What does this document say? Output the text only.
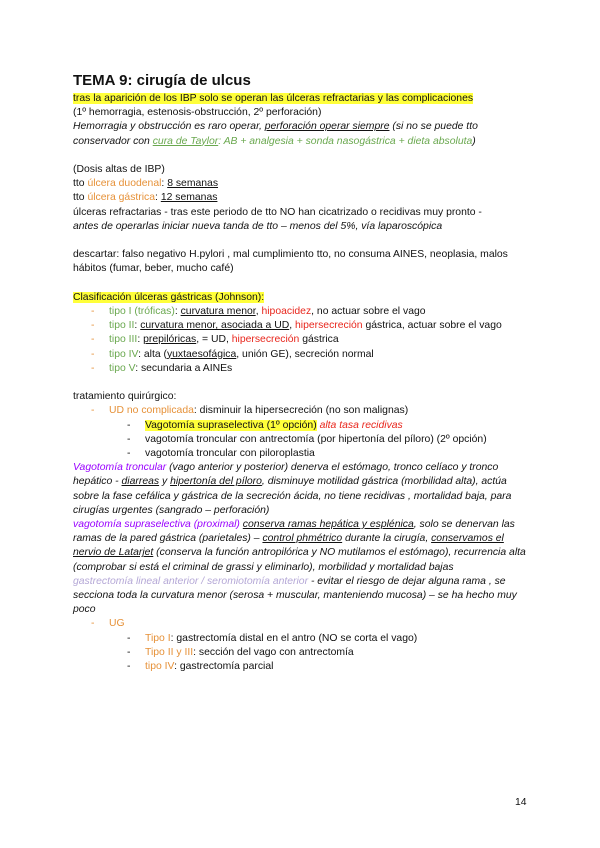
TEMA 9: cirugía de ulcus
tras la aparición de los IBP solo se operan las úlceras refractarias y las complicaciones
(1º hemorragia, estenosis-obstrucción, 2º perforación)
Hemorragia y obstrucción es raro operar, perforación operar siempre (si no se puede tto conservador con cura de Taylor: AB + analgesia + sonda nasogástrica + dieta absoluta)
(Dosis altas de IBP)
tto úlcera duodenal: 8 semanas
tto úlcera gástrica: 12 semanas
úlceras refractarias - tras este periodo de tto NO han cicatrizado o recidivas muy pronto -
antes de operarlas iniciar nueva tanda de tto – menos del 5%, vía laparoscópica
descartar: falso negativo H.pylori , mal cumplimiento tto, no consuma AINES, neoplasia, malos hábitos (fumar, beber, mucho café)
Clasificación úlceras gástricas (Johnson):
- tipo I (tróficas): curvatura menor, hipoacidez, no actuar sobre el vago
- tipo II: curvatura menor, asociada a UD, hipersecreción gástrica, actuar sobre el vago
- tipo III: prepilóricas, = UD, hipersecreción gástrica
- tipo IV: alta (yuxtaesofágica, unión GE), secreción normal
- tipo V: secundaria a AINEs
tratamiento quirúrgico:
- UD no complicada: disminuir la hipersecreción (no son malignas)
- Vagotomía supraselectiva (1º opción) alta tasa recidivas
- vagotomía troncular con antrectomía (por hipertonía del píloro) (2º opción)
- vagotomía troncular con piloroplastia
Vagotomía troncular (vago anterior y posterior) denerva el estómago, tronco celíaco y tronco hepático - diarreas y hipertonía del píloro, disminuye motilidad gástrica (morbilidad alta), actúa sobre la fase cefálica y gástrica de la secreción ácida, no tiene recidivas , mortalidad baja, para cirugías urgentes (sangrado – perforación)
vagotomía supraselectiva (proximal) conserva ramas hepática y esplénica, solo se denervan las ramas de la pared gástrica (parietales) – control phmétrico durante la cirugía, conservamos el nervio de Latarjet (conserva la función antropilórica y NO mutilamos el estómago), recurrencia alta (comprobar si está el criminal de grassi y eliminarlo), morbilidad y mortalidad bajas
gastrectomía lineal anterior / seromiotomía anterior - evitar el riesgo de dejar alguna rama , se secciona toda la curvatura menor (serosa + muscular, manteniendo mucosa) – se ha hecho muy poco
- UG
- Tipo I: gastrectomía distal en el antro (NO se corta el vago)
- Tipo II y III: sección del vago con antrectomía
- tipo IV: gastrectomía parcial
14
